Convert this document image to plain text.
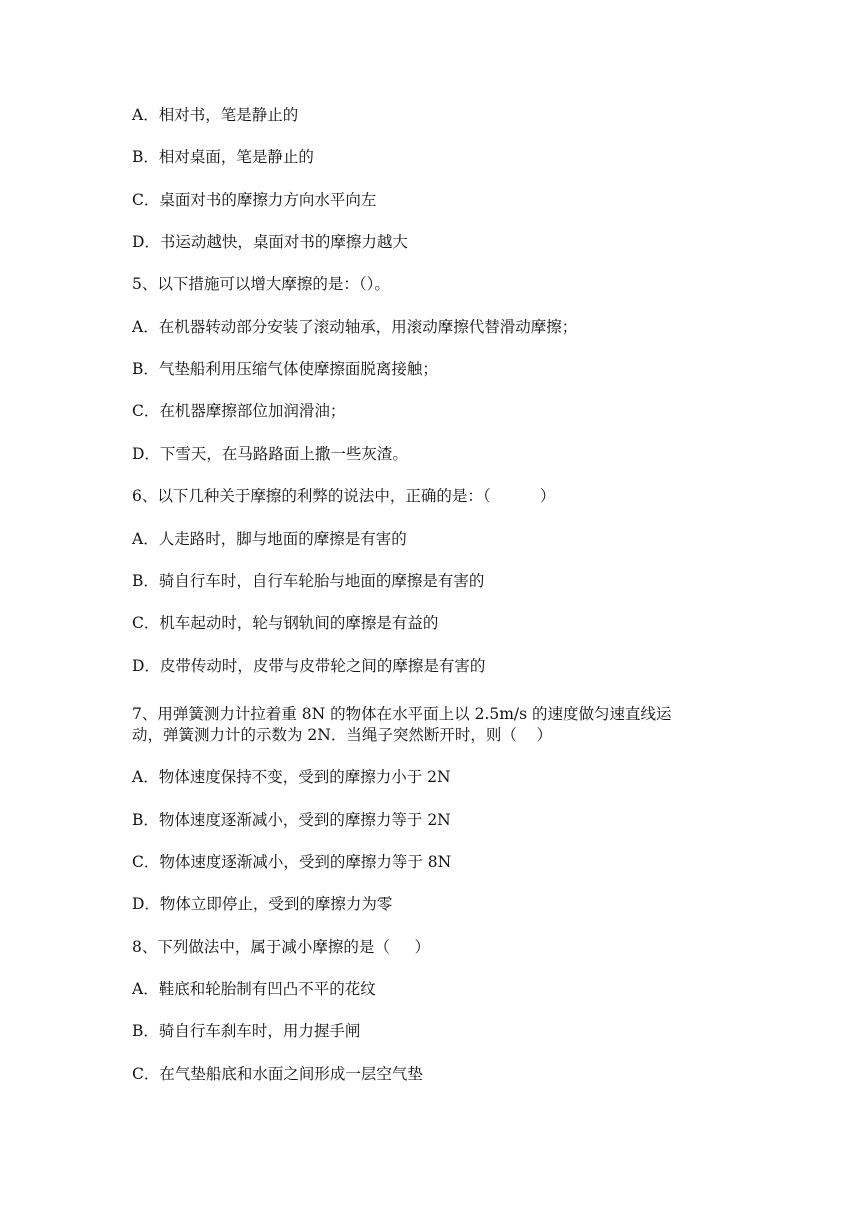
A．相对书，笔是静止的
B．相对桌面，笔是静止的
C．桌面对书的摩擦力方向水平向左
D．书运动越快，桌面对书的摩擦力越大
5、以下措施可以增大摩擦的是：（）。
A．在机器转动部分安装了滚动轴承，用滚动摩擦代替滑动摩擦；
B．气垫船利用压缩气体使摩擦面脱离接触；
C．在机器摩擦部位加润滑油；
D．下雪天，在马路路面上撒一些灰渣。
6、以下几种关于摩擦的利弊的说法中，正确的是：（          ）
A．人走路时，脚与地面的摩擦是有害的
B．骑自行车时，自行车轮胎与地面的摩擦是有害的
C．机车起动时，轮与钢轨间的摩擦是有益的
D．皮带传动时，皮带与皮带轮之间的摩擦是有害的
7、用弹簧测力计拉着重 8N 的物体在水平面上以 2.5m/s 的速度做匀速直线运
动，弹簧测力计的示数为 2N．当绳子突然断开时，则（    ）
A．物体速度保持不变，受到的摩擦力小于 2N
B．物体速度逐渐减小，受到的摩擦力等于 2N
C．物体速度逐渐减小，受到的摩擦力等于 8N
D．物体立即停止，受到的摩擦力为零
8、下列做法中，属于减小摩擦的是（     ）
A．鞋底和轮胎制有凹凸不平的花纹
B．骑自行车刹车时，用力握手闸
C．在气垫船底和水面之间形成一层空气垫
